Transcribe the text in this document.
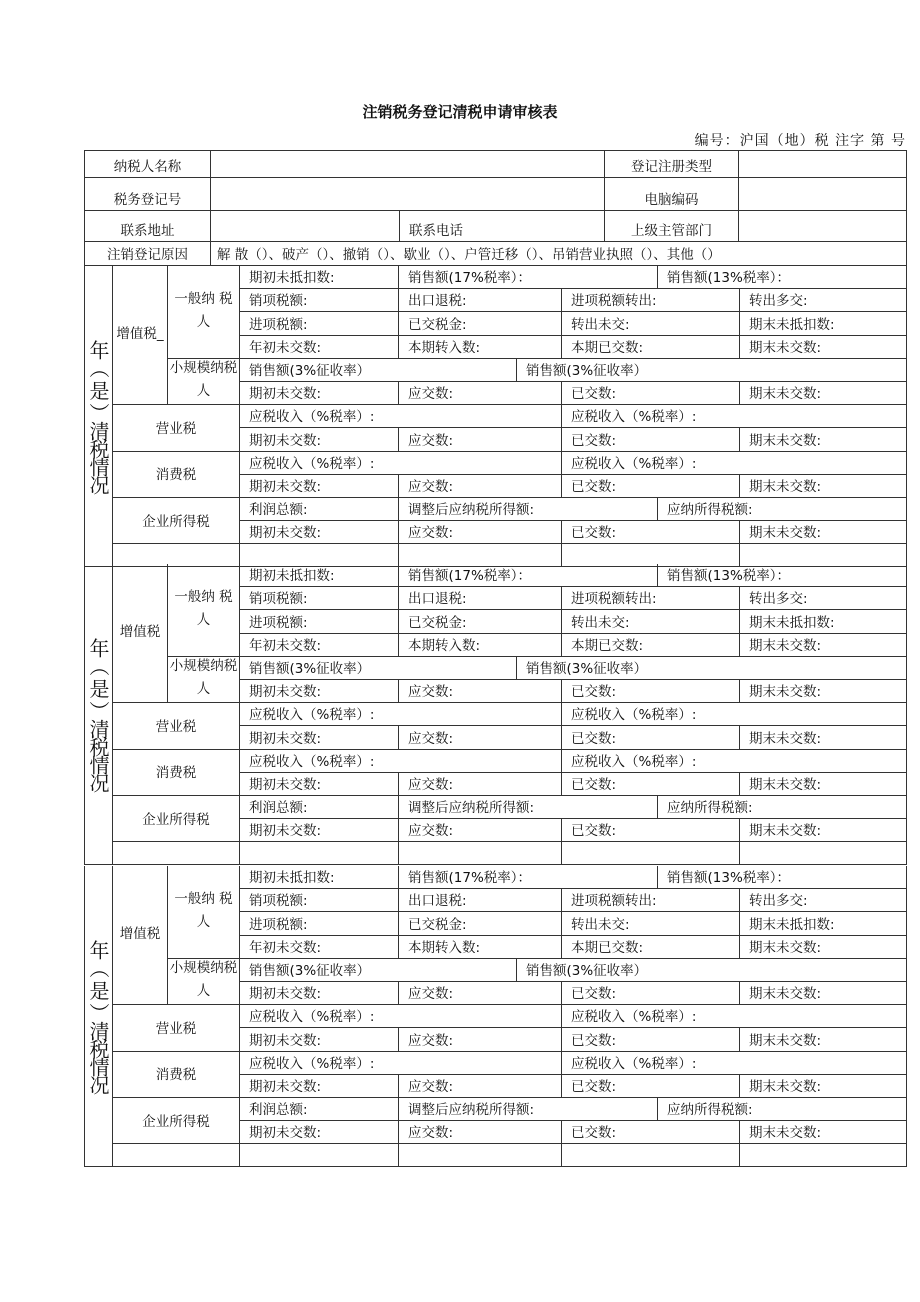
注销税务登记清税申请审核表
编号：沪国（地）税 注字 第 号
纳税人名称	登记注册类型
税务登记号	电脑编码
联系地址	联系电话	上级主管部门
注销登记原因	解 散（）、破产（）、撤销（）、歇业（）、户管迁移（）、吊销营业执照（）、其他（）
年（ 是 ）清税情况
增值税_
一般纳 税人
期初未抵扣数:	销售额(17%税率）：	销售额(13%税率）：
销项税额:	出口退税:	进项税额转出:	转出多交:
进项税额:	已交税金:	转出未交:	期末未抵扣数:
年初未交数:	本期转入数:	本期已交数:	期末未交数:
小规模纳税人
销售额(3%征收率）	销售额(3%征收率）
期初未交数:	应交数:	已交数:	期末未交数:
营业税
应税收入（%税率）:	应税收入（%税率）:
期初未交数:	应交数:	已交数:	期末未交数:
消费税
应税收入（%税率）:	应税收入（%税率）:
期初未交数:	应交数:	已交数:	期末未交数:
企业所得税
利润总额:	调整后应纳税所得额:	应纳所得税额:
期初未交数:	应交数:	已交数:	期末未交数:
年（ 是 ）清税情况
增值税
一般纳 税人
期初未抵扣数:	销售额(17%税率）：	销售额(13%税率）：
销项税额:	出口退税:	进项税额转出:	转出多交:
进项税额:	已交税金:	转出未交:	期末未抵扣数:
年初未交数:	本期转入数:	本期已交数:	期末未交数:
小规模纳税人
销售额(3%征收率）	销售额(3%征收率）
期初未交数:	应交数:	已交数:	期末未交数:
营业税
应税收入（%税率）:	应税收入（%税率）:
期初未交数:	应交数:	已交数:	期末未交数:
消费税
应税收入（%税率）:	应税收入（%税率）:
期初未交数:	应交数:	已交数:	期末未交数:
企业所得税
利润总额:	调整后应纳税所得额:	应纳所得税额:
期初未交数:	应交数:	已交数:	期末未交数:
年（ 是 ）清税情况
增值税
一般纳 税人
期初未抵扣数:	销售额(17%税率）：	销售额(13%税率）：
销项税额:	出口退税:	进项税额转出:	转出多交:
进项税额:	已交税金:	转出未交:	期末未抵扣数:
年初未交数:	本期转入数:	本期已交数:	期末未交数:
小规模纳税人
销售额(3%征收率）	销售额(3%征收率）
期初未交数:	应交数:	已交数:	期末未交数:
营业税
应税收入（%税率）:	应税收入（%税率）:
期初未交数:	应交数:	已交数:	期末未交数:
消费税
应税收入（%税率）:	应税收入（%税率）:
期初未交数:	应交数:	已交数:	期末未交数:
企业所得税
利润总额:	调整后应纳税所得额:	应纳所得税额:
期初未交数:	应交数:	已交数:	期末未交数:
